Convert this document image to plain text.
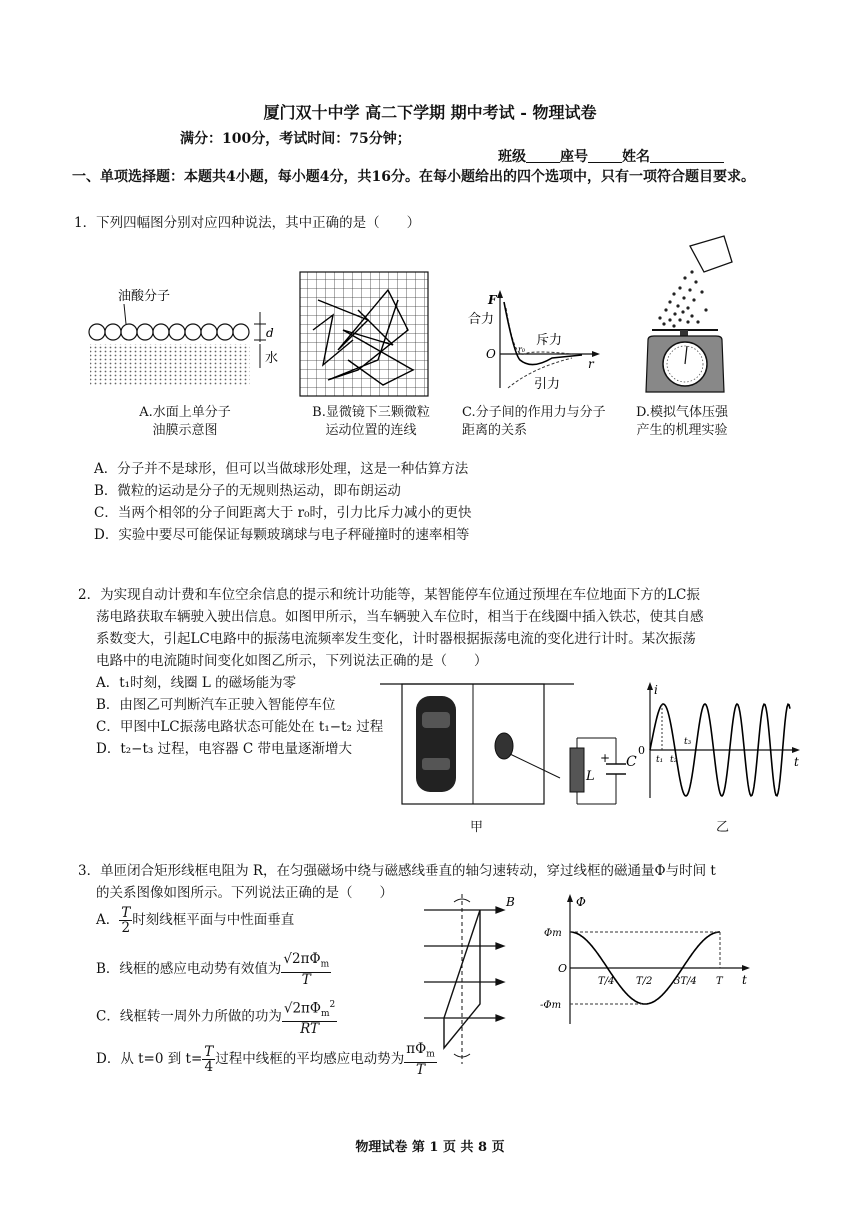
厦门双十中学 高二下学期 期中考试 - 物理试卷
满分：100分，考试时间：75分钟；
班级 座号 姓名
一、单项选择题：本题共4小题，每小题4分，共16分。在每小题给出的四个选项中，只有一项符合题目要求。
1．下列四幅图分别对应四种说法，其中正确的是（　　）
油酸分子
d
水
A.水面上单分子
油膜示意图
B.显微镜下三颗微粒
运动位置的连线
F
合力
斥力
引力
O
r
r₀
C.分子间的作用力与分子
距离的关系
D.模拟气体压强
产生的机理实验
A．分子并不是球形，但可以当做球形处理，这是一种估算方法
B．微粒的运动是分子的无规则热运动，即布朗运动
C．当两个相邻的分子间距离大于 r₀时，引力比斥力减小的更快
D．实验中要尽可能保证每颗玻璃球与电子秤碰撞时的速率相等
2．为实现自动计费和车位空余信息的提示和统计功能等，某智能停车位通过预埋在车位地面下方的LC振
荡电路获取车辆驶入驶出信息。如图甲所示，当车辆驶入车位时，相当于在线圈中插入铁芯，使其自感
系数变大，引起LC电路中的振荡电流频率发生变化，计时器根据振荡电流的变化进行计时。某次振荡
电路中的电流随时间变化如图乙所示，下列说法正确的是（　　）
A．t₁时刻，线圈 L 的磁场能为零
B．由图乙可判断汽车正驶入智能停车位
C．甲图中LC振荡电路状态可能处在 t₁−t₂ 过程
D．t₂−t₃ 过程，电容器 C 带电量逐渐增大
L
C
+
甲
i
0
t
t₁ t₂
t₃
乙
3．单匝闭合矩形线框电阻为 R，在匀强磁场中绕与磁感线垂直的轴匀速转动，穿过线框的磁通量Φ与时间 t
的关系图像如图所示。下列说法正确的是（　　）
A． $\frac{T}{2}$ 时刻线框平面与中性面垂直
B．线框的感应电动势有效值为 $\frac{√2\pi\Phi_m}{T}$
C．线框转一周外力所做的功为 $\frac{√2\pi\Phi_m^2}{RT}$
D．从 t=0 到 $t= \frac{T}{4}$ 过程中线框的平均感应电动势为 $\frac{\pi\Phi_m}{T}$
B	Φ
Φm
-Φm
O
t
T/4 T/2 3T/4 T
物理试卷 第 1 页 共 8 页
